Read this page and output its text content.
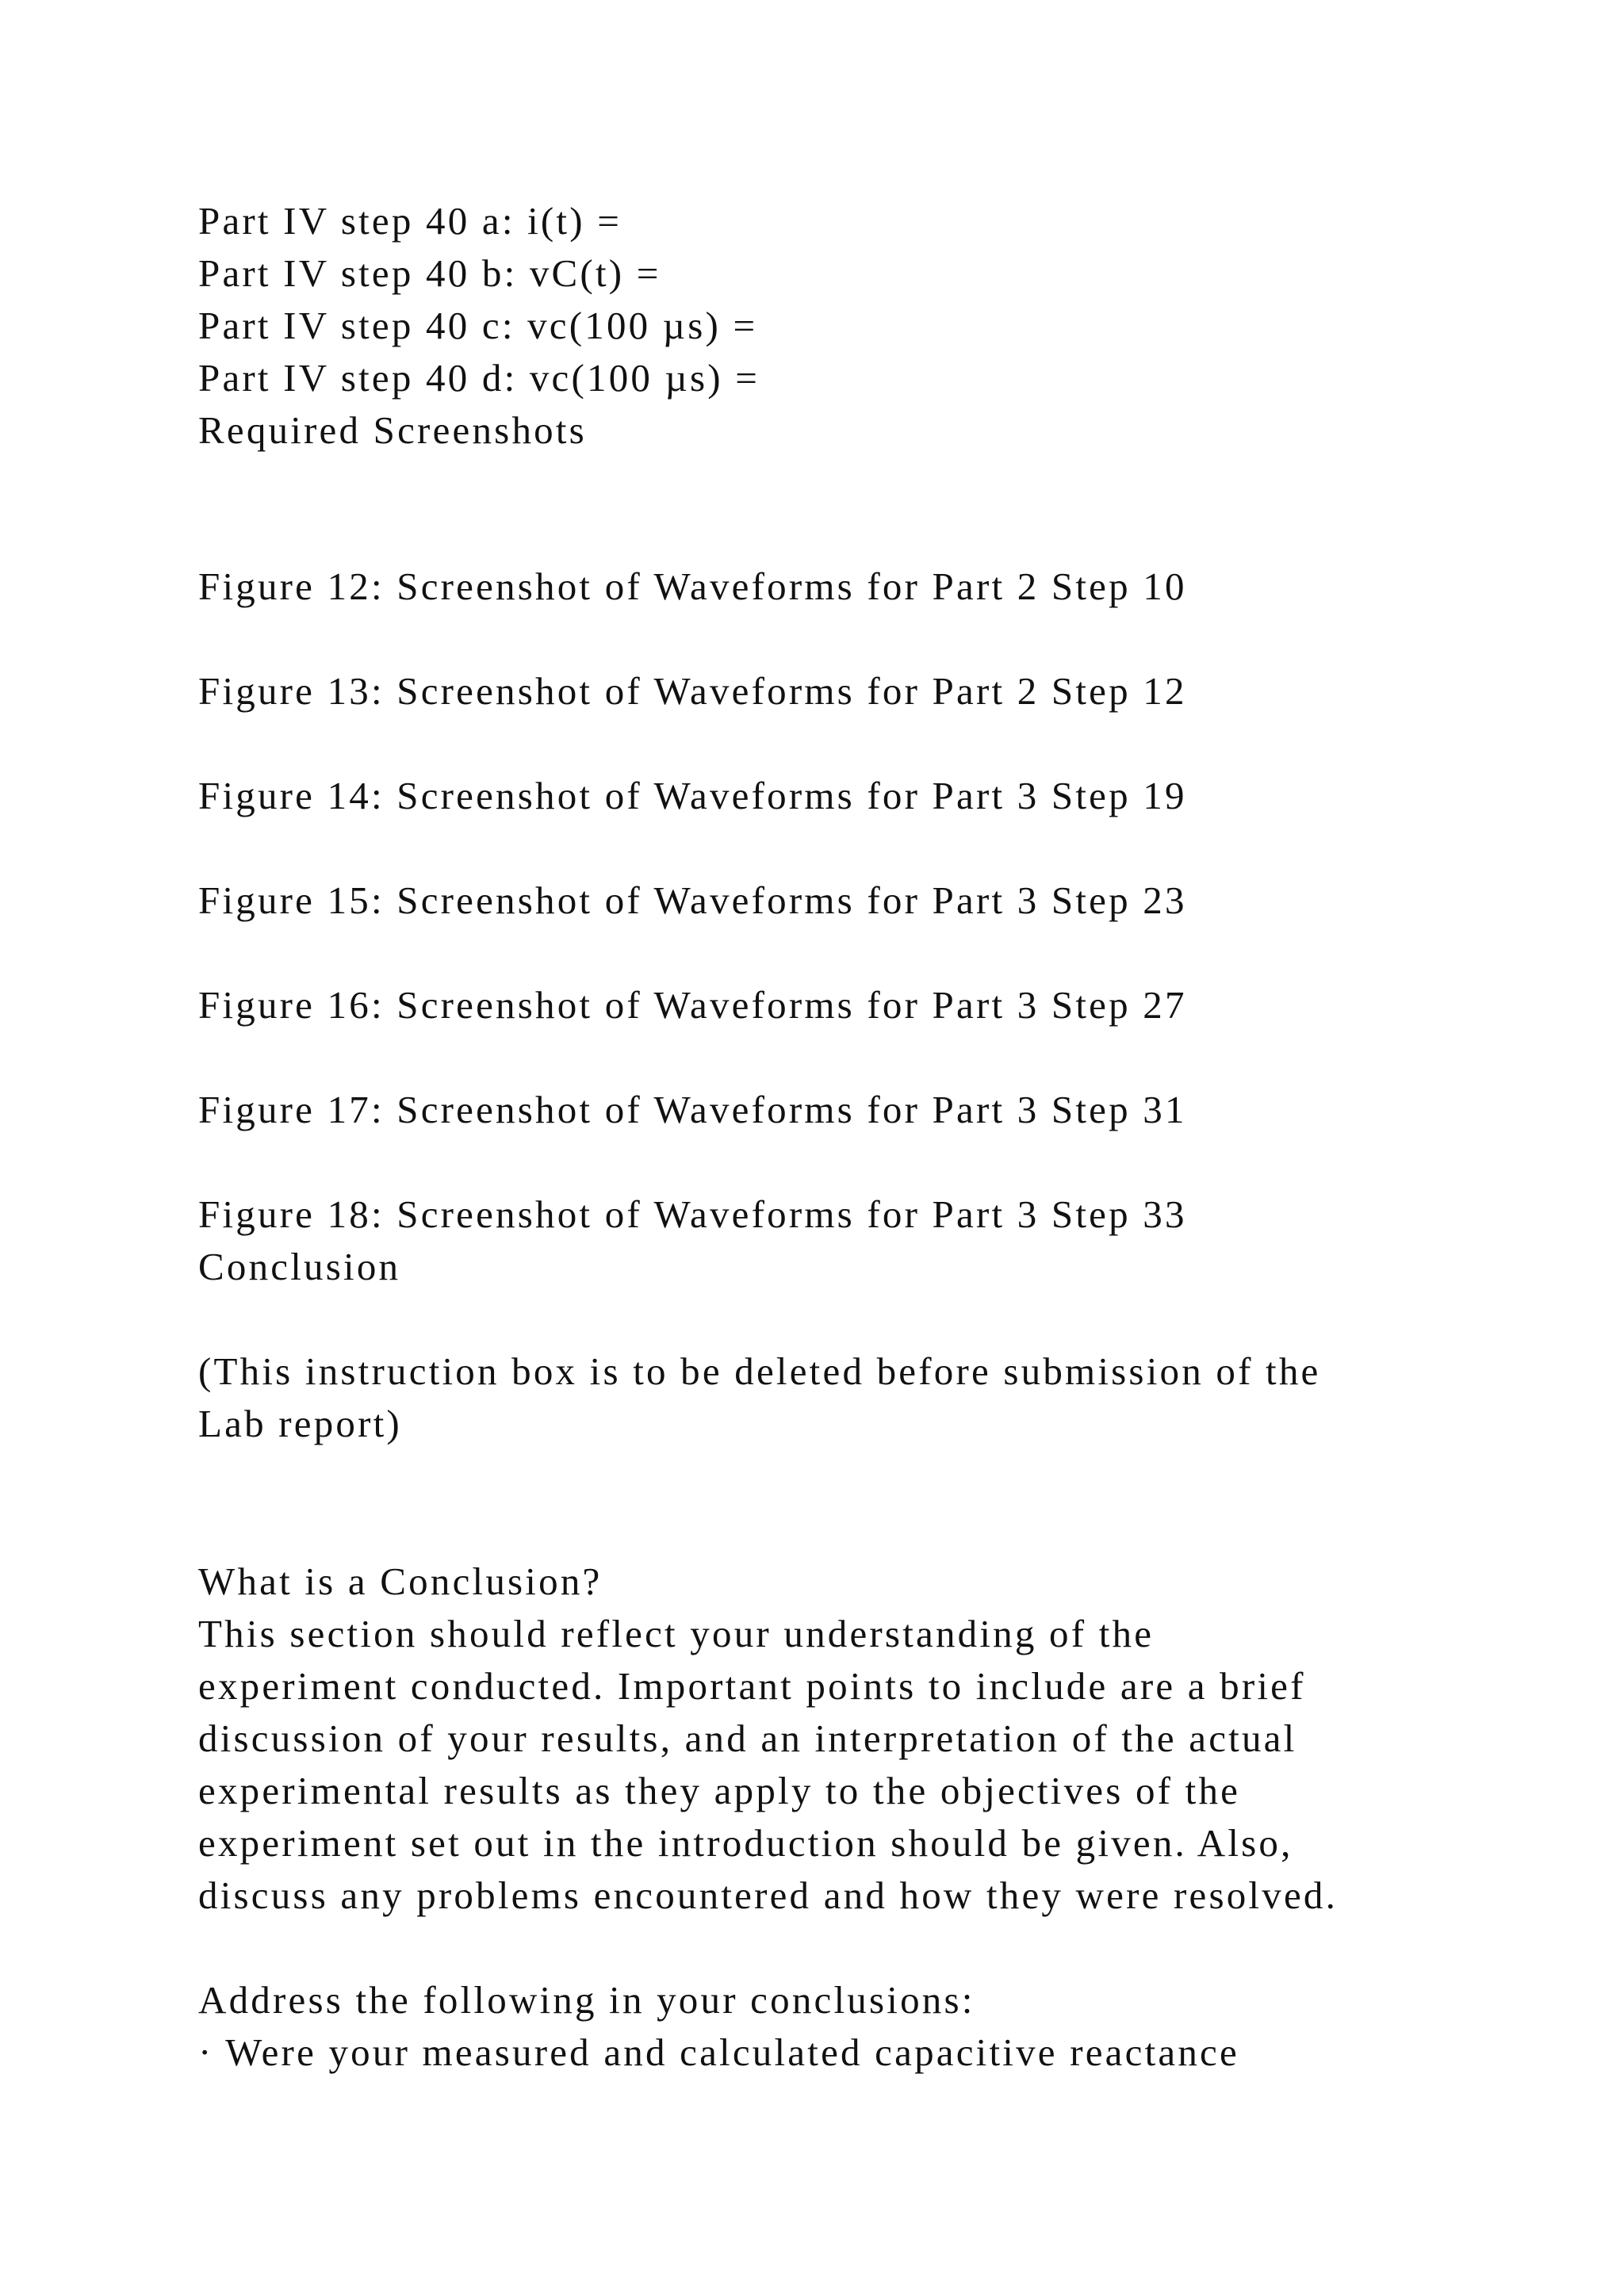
Part IV step 40 a: i(t) =
Part IV step 40 b: vC(t) =
Part IV step 40 c: vc(100 µs) =
Part IV step 40 d: vc(100 µs) =
Required Screenshots
Figure 12: Screenshot of Waveforms for Part 2 Step 10
Figure 13: Screenshot of Waveforms for Part 2 Step 12
Figure 14: Screenshot of Waveforms for Part 3 Step 19
Figure 15: Screenshot of Waveforms for Part 3 Step 23
Figure 16: Screenshot of Waveforms for Part 3 Step 27
Figure 17: Screenshot of Waveforms for Part 3 Step 31
Figure 18: Screenshot of Waveforms for Part 3 Step 33
Conclusion
(This instruction box is to be deleted before submission of the
Lab report)
What is a Conclusion?
This section should reflect your understanding of the
experiment conducted. Important points to include are a brief
discussion of your results, and an interpretation of the actual
experimental results as they apply to the objectives of the
experiment set out in the introduction should be given. Also,
discuss any problems encountered and how they were resolved.
Address the following in your conclusions:
· Were your measured and calculated capacitive reactance
